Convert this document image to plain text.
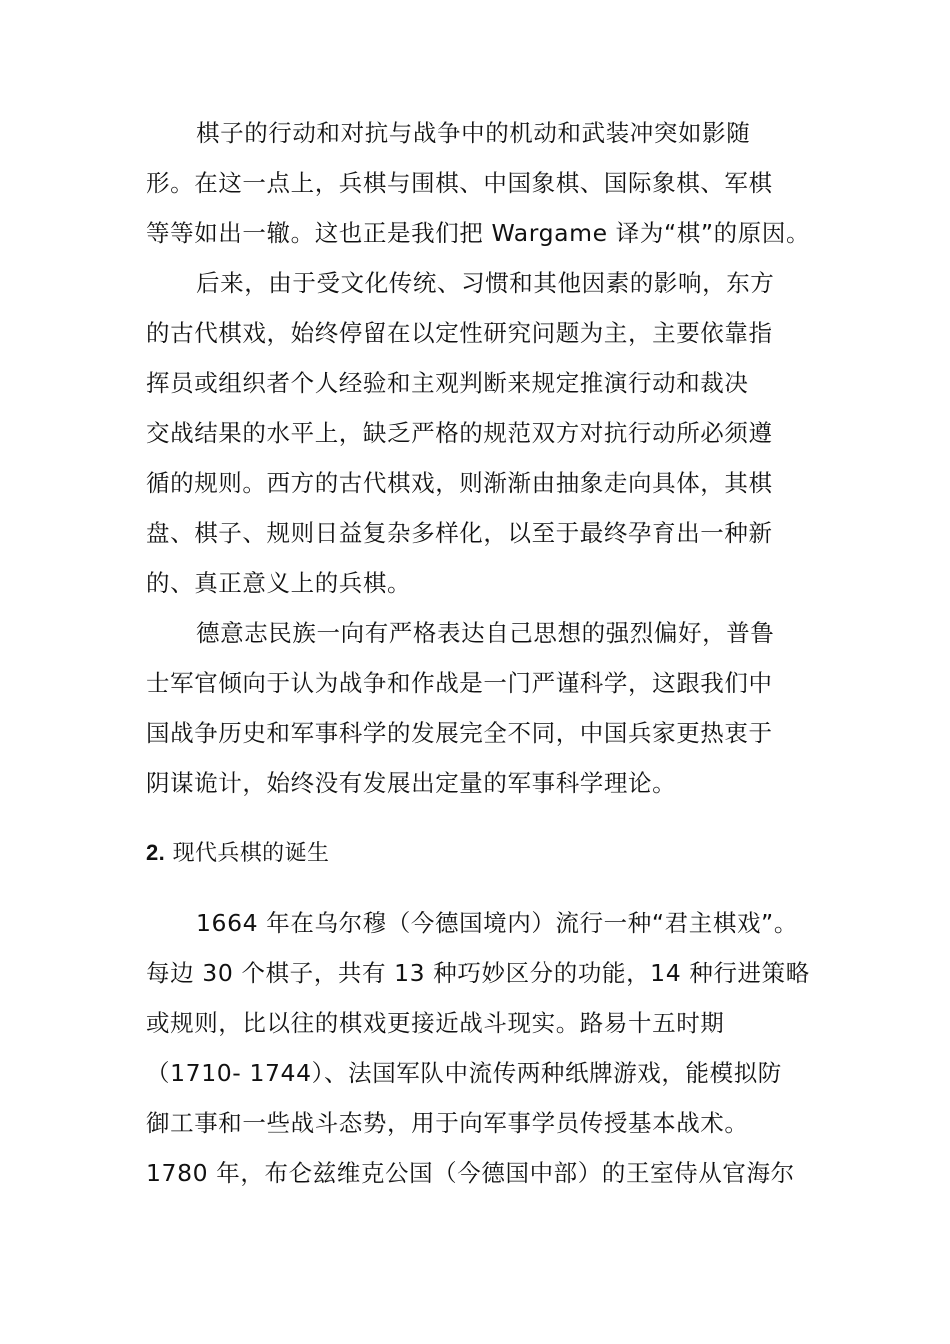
棋子的行动和对抗与战争中的机动和武装冲突如影随
形。在这一点上，兵棋与围棋、中国象棋、国际象棋、军棋
等等如出一辙。这也正是我们把 Wargame 译为“棋”的原因。
后来，由于受文化传统、习惯和其他因素的影响，东方
的古代棋戏，始终停留在以定性研究问题为主，主要依靠指
挥员或组织者个人经验和主观判断来规定推演行动和裁决
交战结果的水平上，缺乏严格的规范双方对抗行动所必须遵
循的规则。西方的古代棋戏，则渐渐由抽象走向具体，其棋
盘、棋子、规则日益复杂多样化，以至于最终孕育出一种新
的、真正意义上的兵棋。
德意志民族一向有严格表达自己思想的强烈偏好，普鲁
士军官倾向于认为战争和作战是一门严谨科学，这跟我们中
国战争历史和军事科学的发展完全不同，中国兵家更热衷于
阴谋诡计，始终没有发展出定量的军事科学理论。
2. 现代兵棋的诞生
1664 年在乌尔穆（今德国境内）流行一种“君主棋戏”。
每边 30 个棋子，共有 13 种巧妙区分的功能，14 种行进策略
或规则，比以往的棋戏更接近战斗现实。路易十五时期
（1710- 1744）、法国军队中流传两种纸牌游戏，能模拟防
御工事和一些战斗态势，用于向军事学员传授基本战术。
1780 年，布仑兹维克公国（今德国中部）的王室侍从官海尔
